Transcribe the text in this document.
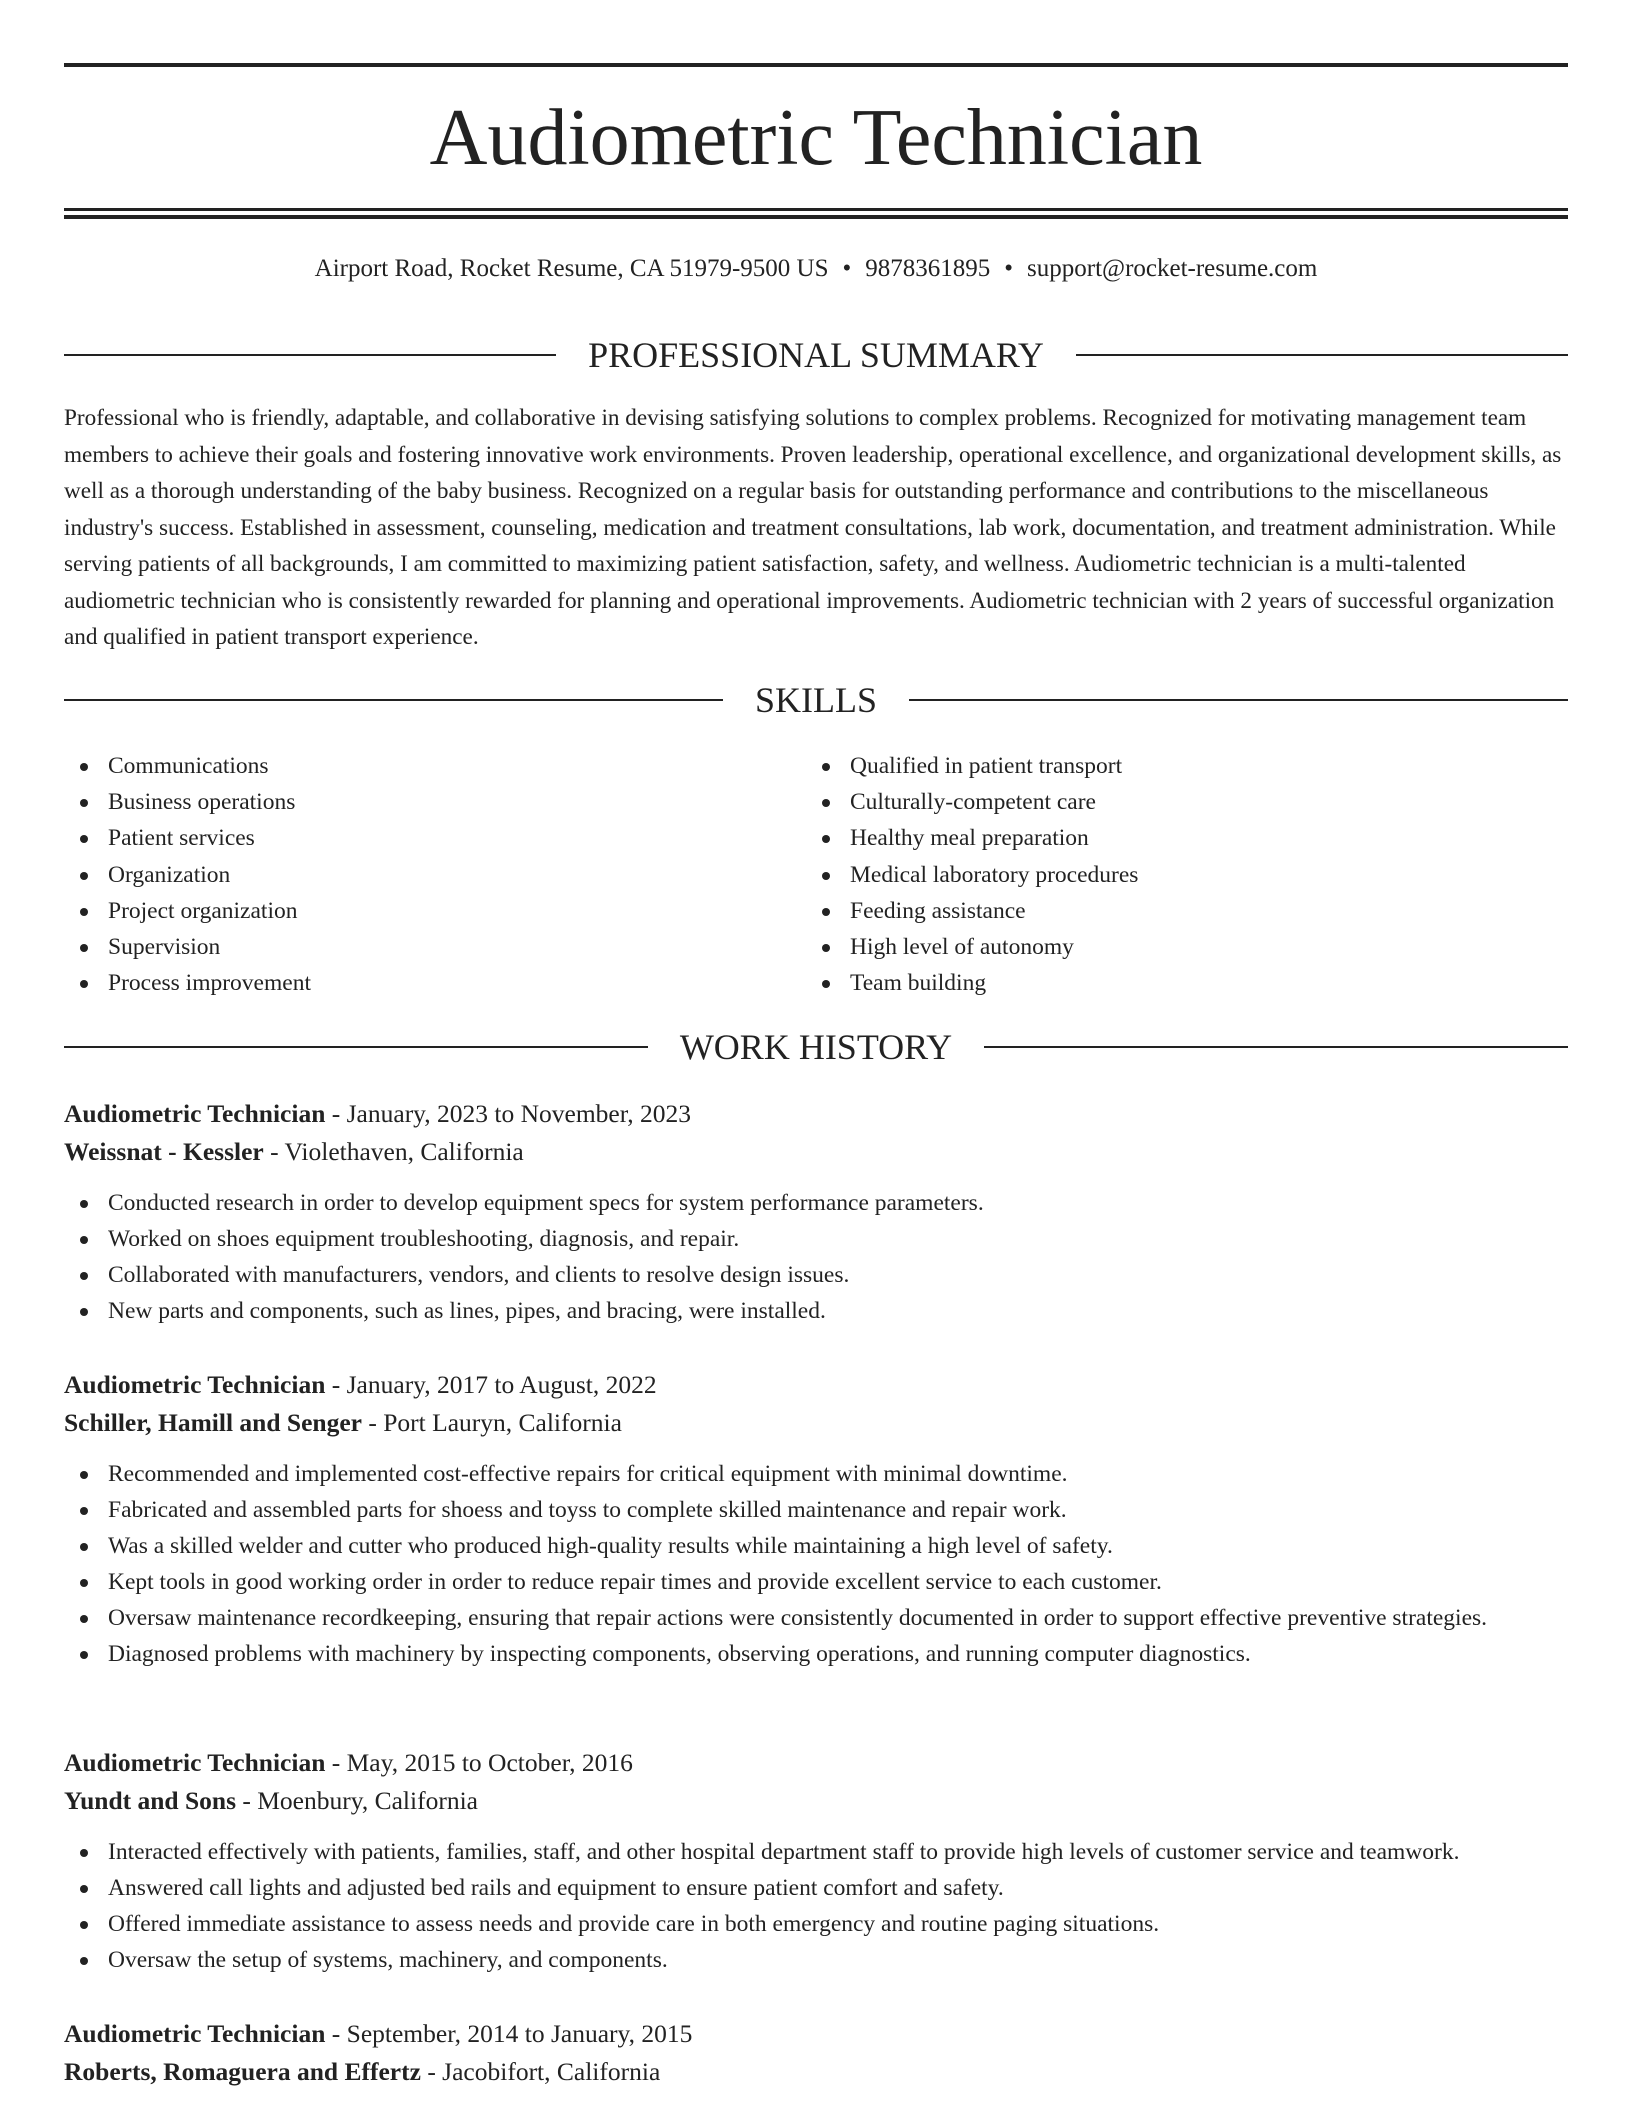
Audiometric Technician
Airport Road, Rocket Resume, CA 51979-9500 US • 9878361895 • support@rocket-resume.com
PROFESSIONAL SUMMARY

Professional who is friendly, adaptable, and collaborative in devising satisfying solutions to complex problems. Recognized for motivating management team members to achieve their goals and fostering innovative work environments. Proven leadership, operational excellence, and organizational development skills, as well as a thorough understanding of the baby business. Recognized on a regular basis for outstanding performance and contributions to the miscellaneous industry's success. Established in assessment, counseling, medication and treatment consultations, lab work, documentation, and treatment administration. While serving patients of all backgrounds, I am committed to maximizing patient satisfaction, safety, and wellness. Audiometric technician is a multi-talented audiometric technician who is consistently rewarded for planning and operational improvements. Audiometric technician with 2 years of successful organization and qualified in patient transport experience.

SKILLS
Communications
Business operations
Patient services
Organization
Project organization
Supervision
Process improvement
Qualified in patient transport
Culturally-competent care
Healthy meal preparation
Medical laboratory procedures
Feeding assistance
High level of autonomy
Team building
WORK HISTORY
Audiometric Technician - January, 2023 to November, 2023
Weissnat - Kessler - Violethaven, California
Conducted research in order to develop equipment specs for system performance parameters.
Worked on shoes equipment troubleshooting, diagnosis, and repair.
Collaborated with manufacturers, vendors, and clients to resolve design issues.
New parts and components, such as lines, pipes, and bracing, were installed.
Audiometric Technician - January, 2017 to August, 2022
Schiller, Hamill and Senger - Port Lauryn, California
Recommended and implemented cost-effective repairs for critical equipment with minimal downtime.
Fabricated and assembled parts for shoess and toyss to complete skilled maintenance and repair work.
Was a skilled welder and cutter who produced high-quality results while maintaining a high level of safety.
Kept tools in good working order in order to reduce repair times and provide excellent service to each customer.
Oversaw maintenance recordkeeping, ensuring that repair actions were consistently documented in order to support effective preventive strategies.
Diagnosed problems with machinery by inspecting components, observing operations, and running computer diagnostics.
Audiometric Technician - May, 2015 to October, 2016
Yundt and Sons - Moenbury, California
Interacted effectively with patients, families, staff, and other hospital department staff to provide high levels of customer service and teamwork.
Answered call lights and adjusted bed rails and equipment to ensure patient comfort and safety.
Offered immediate assistance to assess needs and provide care in both emergency and routine paging situations.
Oversaw the setup of systems, machinery, and components.
Audiometric Technician - September, 2014 to January, 2015
Roberts, Romaguera and Effertz - Jacobifort, California
